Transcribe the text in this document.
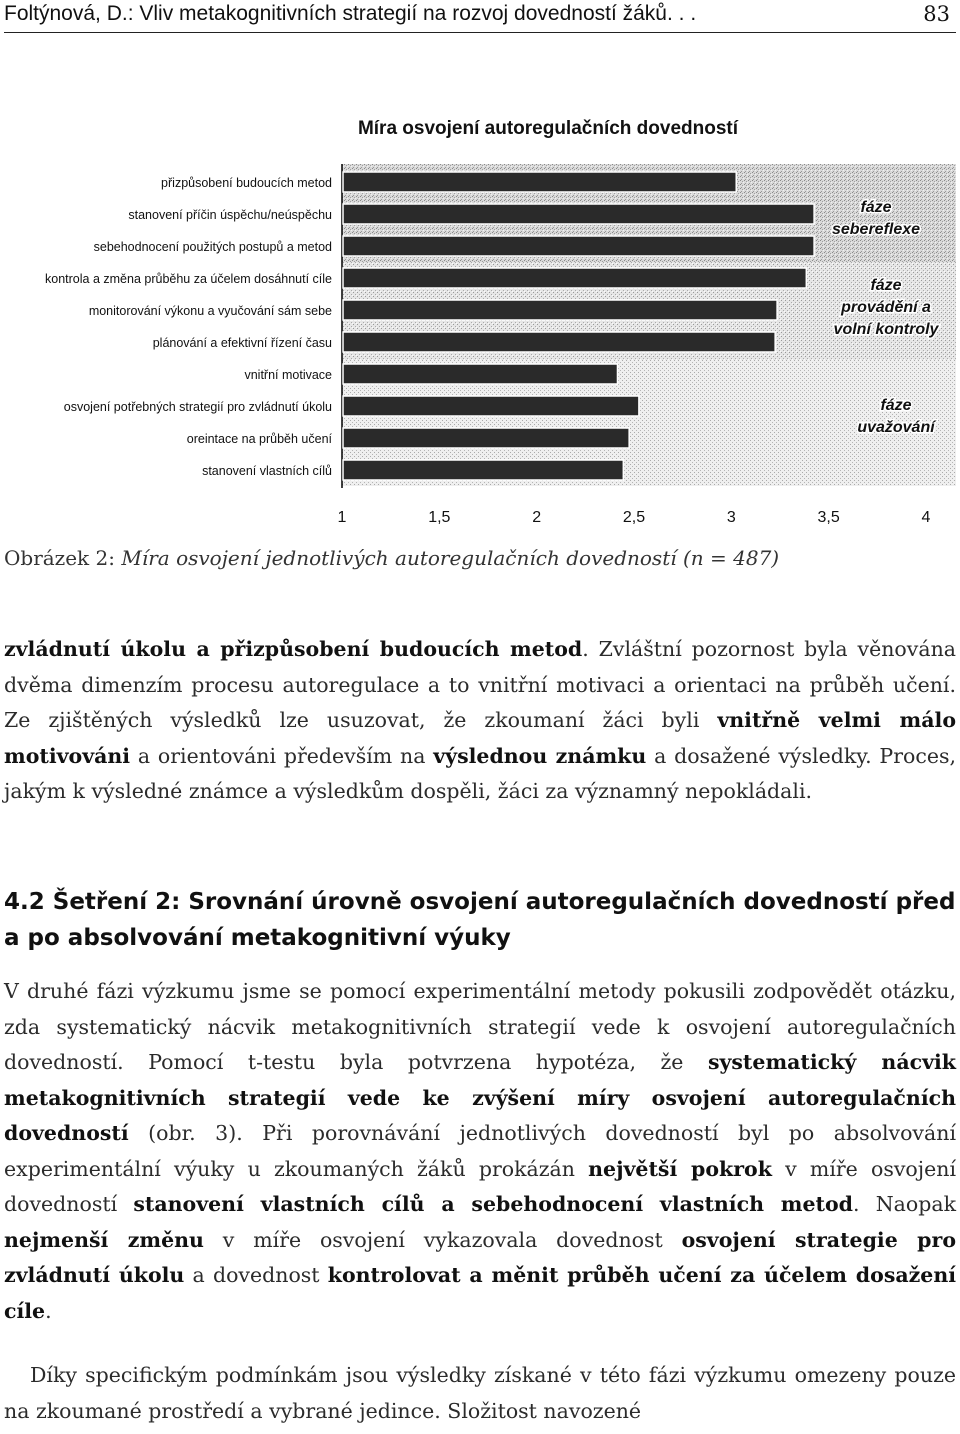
Foltýnová, D.: Vliv metakognitivních strategií na rozvoj dovedností žáků. . .	83
Míra osvojení autoregulačních dovedností
přizpůsobení budoucích metod
stanovení příčin úspěchu/neúspěchu
sebehodnocení použitých postupů a metod
kontrola a změna průběhu za účelem dosáhnutí cíle
monitorování výkonu a vyučování sám sebe
plánování a efektivní řízení času
vnitřní motivace
osvojení potřebných strategií pro zvládnutí úkolu
oreintace na průběh učení
stanovení vlastních cílů
1	1,5	2	2,5	3	3,5	4
fáze sebereflexe
fáze provádění a volní kontroly
fáze uvažování
Obrázek 2: Míra osvojení jednotlivých autoregulačních dovedností (n = 487)
zvládnutí úkolu a přizpůsobení budoucích metod. Zvláštní pozornost byla věnována dvěma dimenzím procesu autoregulace a to vnitřní motivaci a orientaci na průběh učení. Ze zjištěných výsledků lze usuzovat, že zkoumaní žáci byli vnitřně velmi málo motivováni a orientováni především na výslednou známku a dosažené výsledky. Proces, jakým k výsledné známce a výsledkům dospěli, žáci za významný nepokládali.
4.2 Šetření 2: Srovnání úrovně osvojení autoregulačních dovedností před a po absolvování metakognitivní výuky
V druhé fázi výzkumu jsme se pomocí experimentální metody pokusili zodpovědět otázku, zda systematický nácvik metakognitivních strategií vede k osvojení autoregulačních dovedností. Pomocí t-testu byla potvrzena hypotéza, že systematický nácvik metakognitivních strategií vede ke zvýšení míry osvojení autoregulačních dovedností (obr. 3). Při porovnávání jednotlivých dovedností byl po absolvování experimentální výuky u zkoumaných žáků prokázán největší pokrok v míře osvojení dovedností stanovení vlastních cílů a sebehodnocení vlastních metod. Naopak nejmenší změnu v míře osvojení vykazovala dovednost osvojení strategie pro zvládnutí úkolu a dovednost kontrolovat a měnit průběh učení za účelem dosažení cíle.
Díky specifickým podmínkám jsou výsledky získané v této fázi výzkumu omezeny pouze na zkoumané prostředí a vybrané jedince. Složitost navozené
